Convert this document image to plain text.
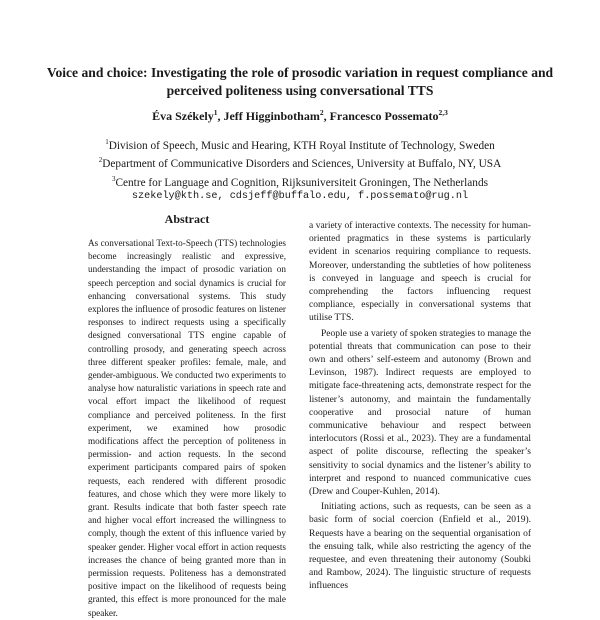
Voice and choice: Investigating the role of prosodic variation in request compliance and perceived politeness using conversational TTS
Éva Székely$^1$, Jeff Higginbotham$^2$, Francesco Possemato$^{2,3}$
$^1$Division of Speech, Music and Hearing, KTH Royal Institute of Technology, Sweden
$^2$Department of Communicative Disorders and Sciences, University at Buffalo, NY, USA
$^3$Centre for Language and Cognition, Rijksuniversiteit Groningen, The Netherlands
szekely@kth.se, cdsjeff@buffalo.edu, f.possemato@rug.nl
Abstract

As conversational Text-to-Speech (TTS) technologies become increasingly realistic and expressive, understanding the impact of prosodic variation on speech perception and social dynamics is crucial for enhancing conversational systems. This study explores the influence of prosodic features on listener responses to indirect requests using a specifically designed conversational TTS engine capable of controlling prosody, and generating speech across three different speaker profiles: female, male, and gender-ambiguous. We conducted two experiments to analyse how naturalistic variations in speech rate and vocal effort impact the likelihood of request compliance and perceived politeness. In the first experiment, we examined how prosodic modifications affect the perception of politeness in permission- and action requests. In the second experiment participants compared pairs of spoken requests, each rendered with different prosodic features, and chose which they were more likely to grant. Results indicate that both faster speech rate and higher vocal effort increased the willingness to comply, though the extent of this influence varied by speaker gender. Higher vocal effort in action requests increases the chance of being granted more than in permission requests. Politeness has a demonstrated positive impact on the likelihood of requests being granted, this effect is more pronounced for the male speaker.

a variety of interactive contexts. The necessity for human-oriented pragmatics in these systems is particularly evident in scenarios requiring compliance to requests. Moreover, understanding the subtleties of how politeness is conveyed in language and speech is crucial for comprehending the factors influencing request compliance, especially in conversational systems that utilise TTS.

People use a variety of spoken strategies to manage the potential threats that communication can pose to their own and others’ self-esteem and autonomy (Brown and Levinson, 1987). Indirect requests are employed to mitigate face-threatening acts, demonstrate respect for the listener’s autonomy, and maintain the fundamentally cooperative and prosocial nature of human communicative behaviour and respect between interlocutors (Rossi et al., 2023). They are a fundamental aspect of polite discourse, reflecting the speaker’s sensitivity to social dynamics and the listener’s ability to interpret and respond to nuanced communicative cues (Drew and Couper-Kuhlen, 2014).

Initiating actions, such as requests, can be seen as a basic form of social coercion (Enfield et al., 2019). Requests have a bearing on the sequential organisation of the ensuing talk, while also restricting the agency of the requestee, and even threatening their autonomy (Soubki and Rambow, 2024). The linguistic structure of requests influences
